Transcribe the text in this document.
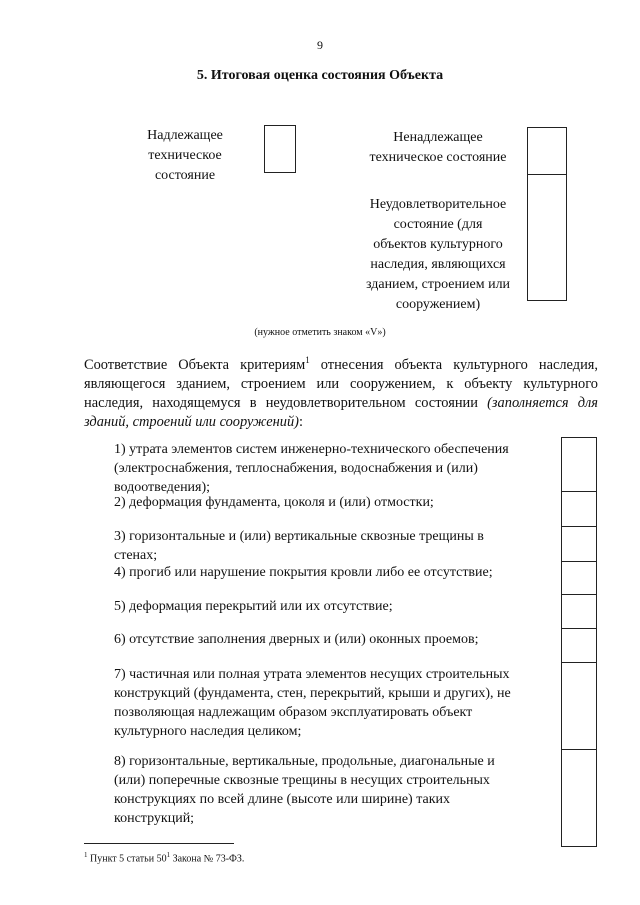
9
5. Итоговая оценка состояния Объекта
Надлежащее
техническое
состояние
Ненадлежащее
техническое состояние
Неудовлетворительное
состояние (для
объектов культурного
наследия, являющихся
зданием, строением или
сооружением)
(нужное отметить знаком «V»)
Соответствие Объекта критериям$^1$ отнесения объекта культурного наследия, являющегося зданием, строением или сооружением, к объекту культурного наследия, находящемуся в неудовлетворительном состоянии (заполняется для зданий, строений или сооружений):
1) утрата элементов систем инженерно-технического обеспечения
(электроснабжения, теплоснабжения, водоснабжения и (или)
водоотведения);
2) деформация фундамента, цоколя и (или) отмостки;
3) горизонтальные и (или) вертикальные сквозные трещины в
стенах;
4) прогиб или нарушение покрытия кровли либо ее отсутствие;
5) деформация перекрытий или их отсутствие;
6) отсутствие заполнения дверных и (или) оконных проемов;
7) частичная или полная утрата элементов несущих строительных
конструкций (фундамента, стен, перекрытий, крыши и других), не
позволяющая надлежащим образом эксплуатировать объект
культурного наследия целиком;
8) горизонтальные, вертикальные, продольные, диагональные и
(или) поперечные сквозные трещины в несущих строительных
конструкциях по всей длине (высоте или ширине) таких
конструкций;
$^1$ Пункт 5 статьи $50^1$ Закона № 73-ФЗ.
